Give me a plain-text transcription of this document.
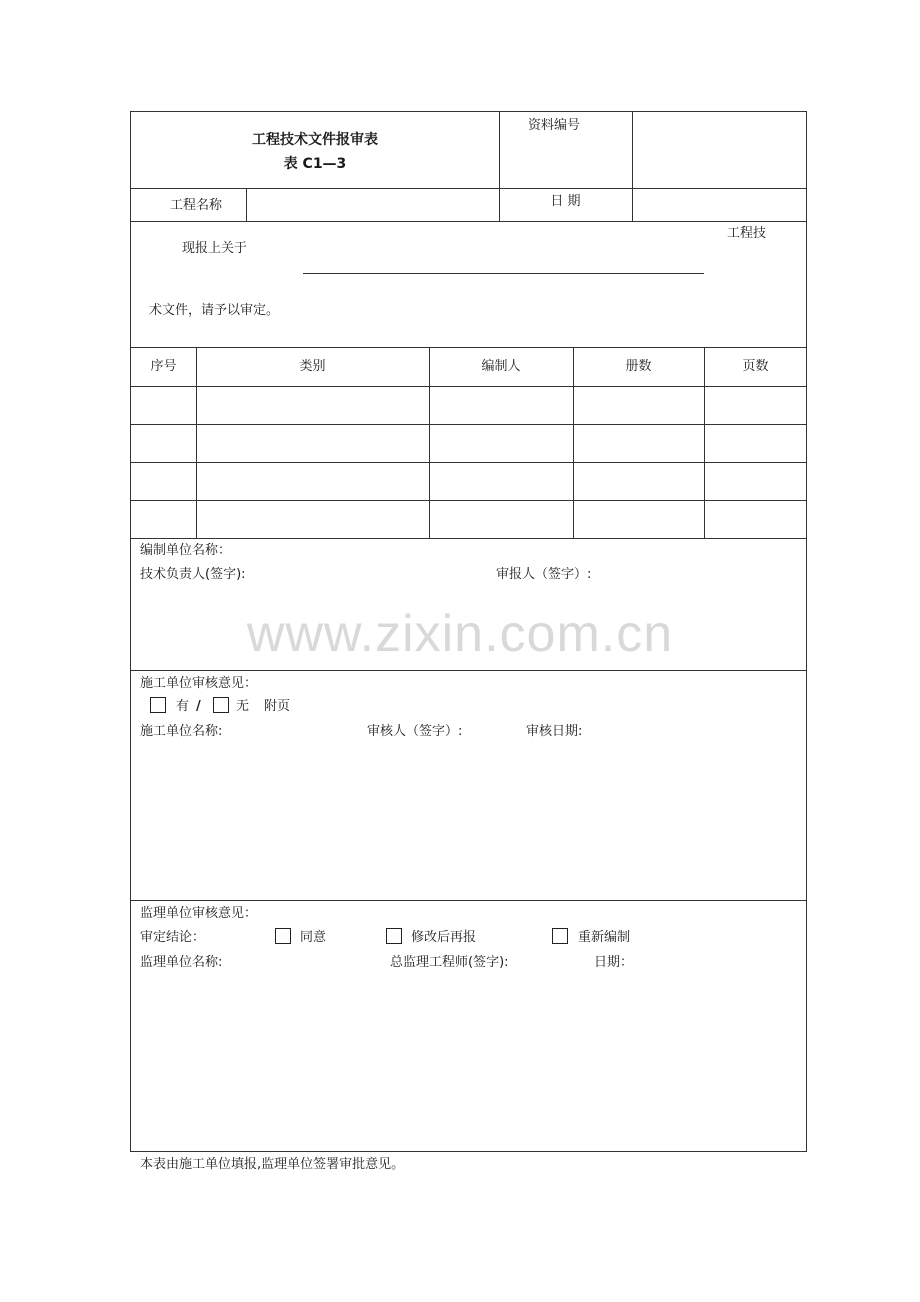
工程技术文件报审表
表 C1—3
资料编号
工程名称	日 期
现报上关于
工程技
术文件，请予以审定。
序号	类别	编制人	册数	页数
编制单位名称：
技术负责人(签字):	审报人（签字）:
施工单位审核意见：
有 /	无 附页
施工单位名称:	审核人（签字）:	审核日期:
监理单位审核意见：
审定结论：	同意	修改后再报	重新编制
监理单位名称:	总监理工程师(签字):	日期：
本表由施工单位填报,监理单位签署审批意见。
www.zixin.com.cn
